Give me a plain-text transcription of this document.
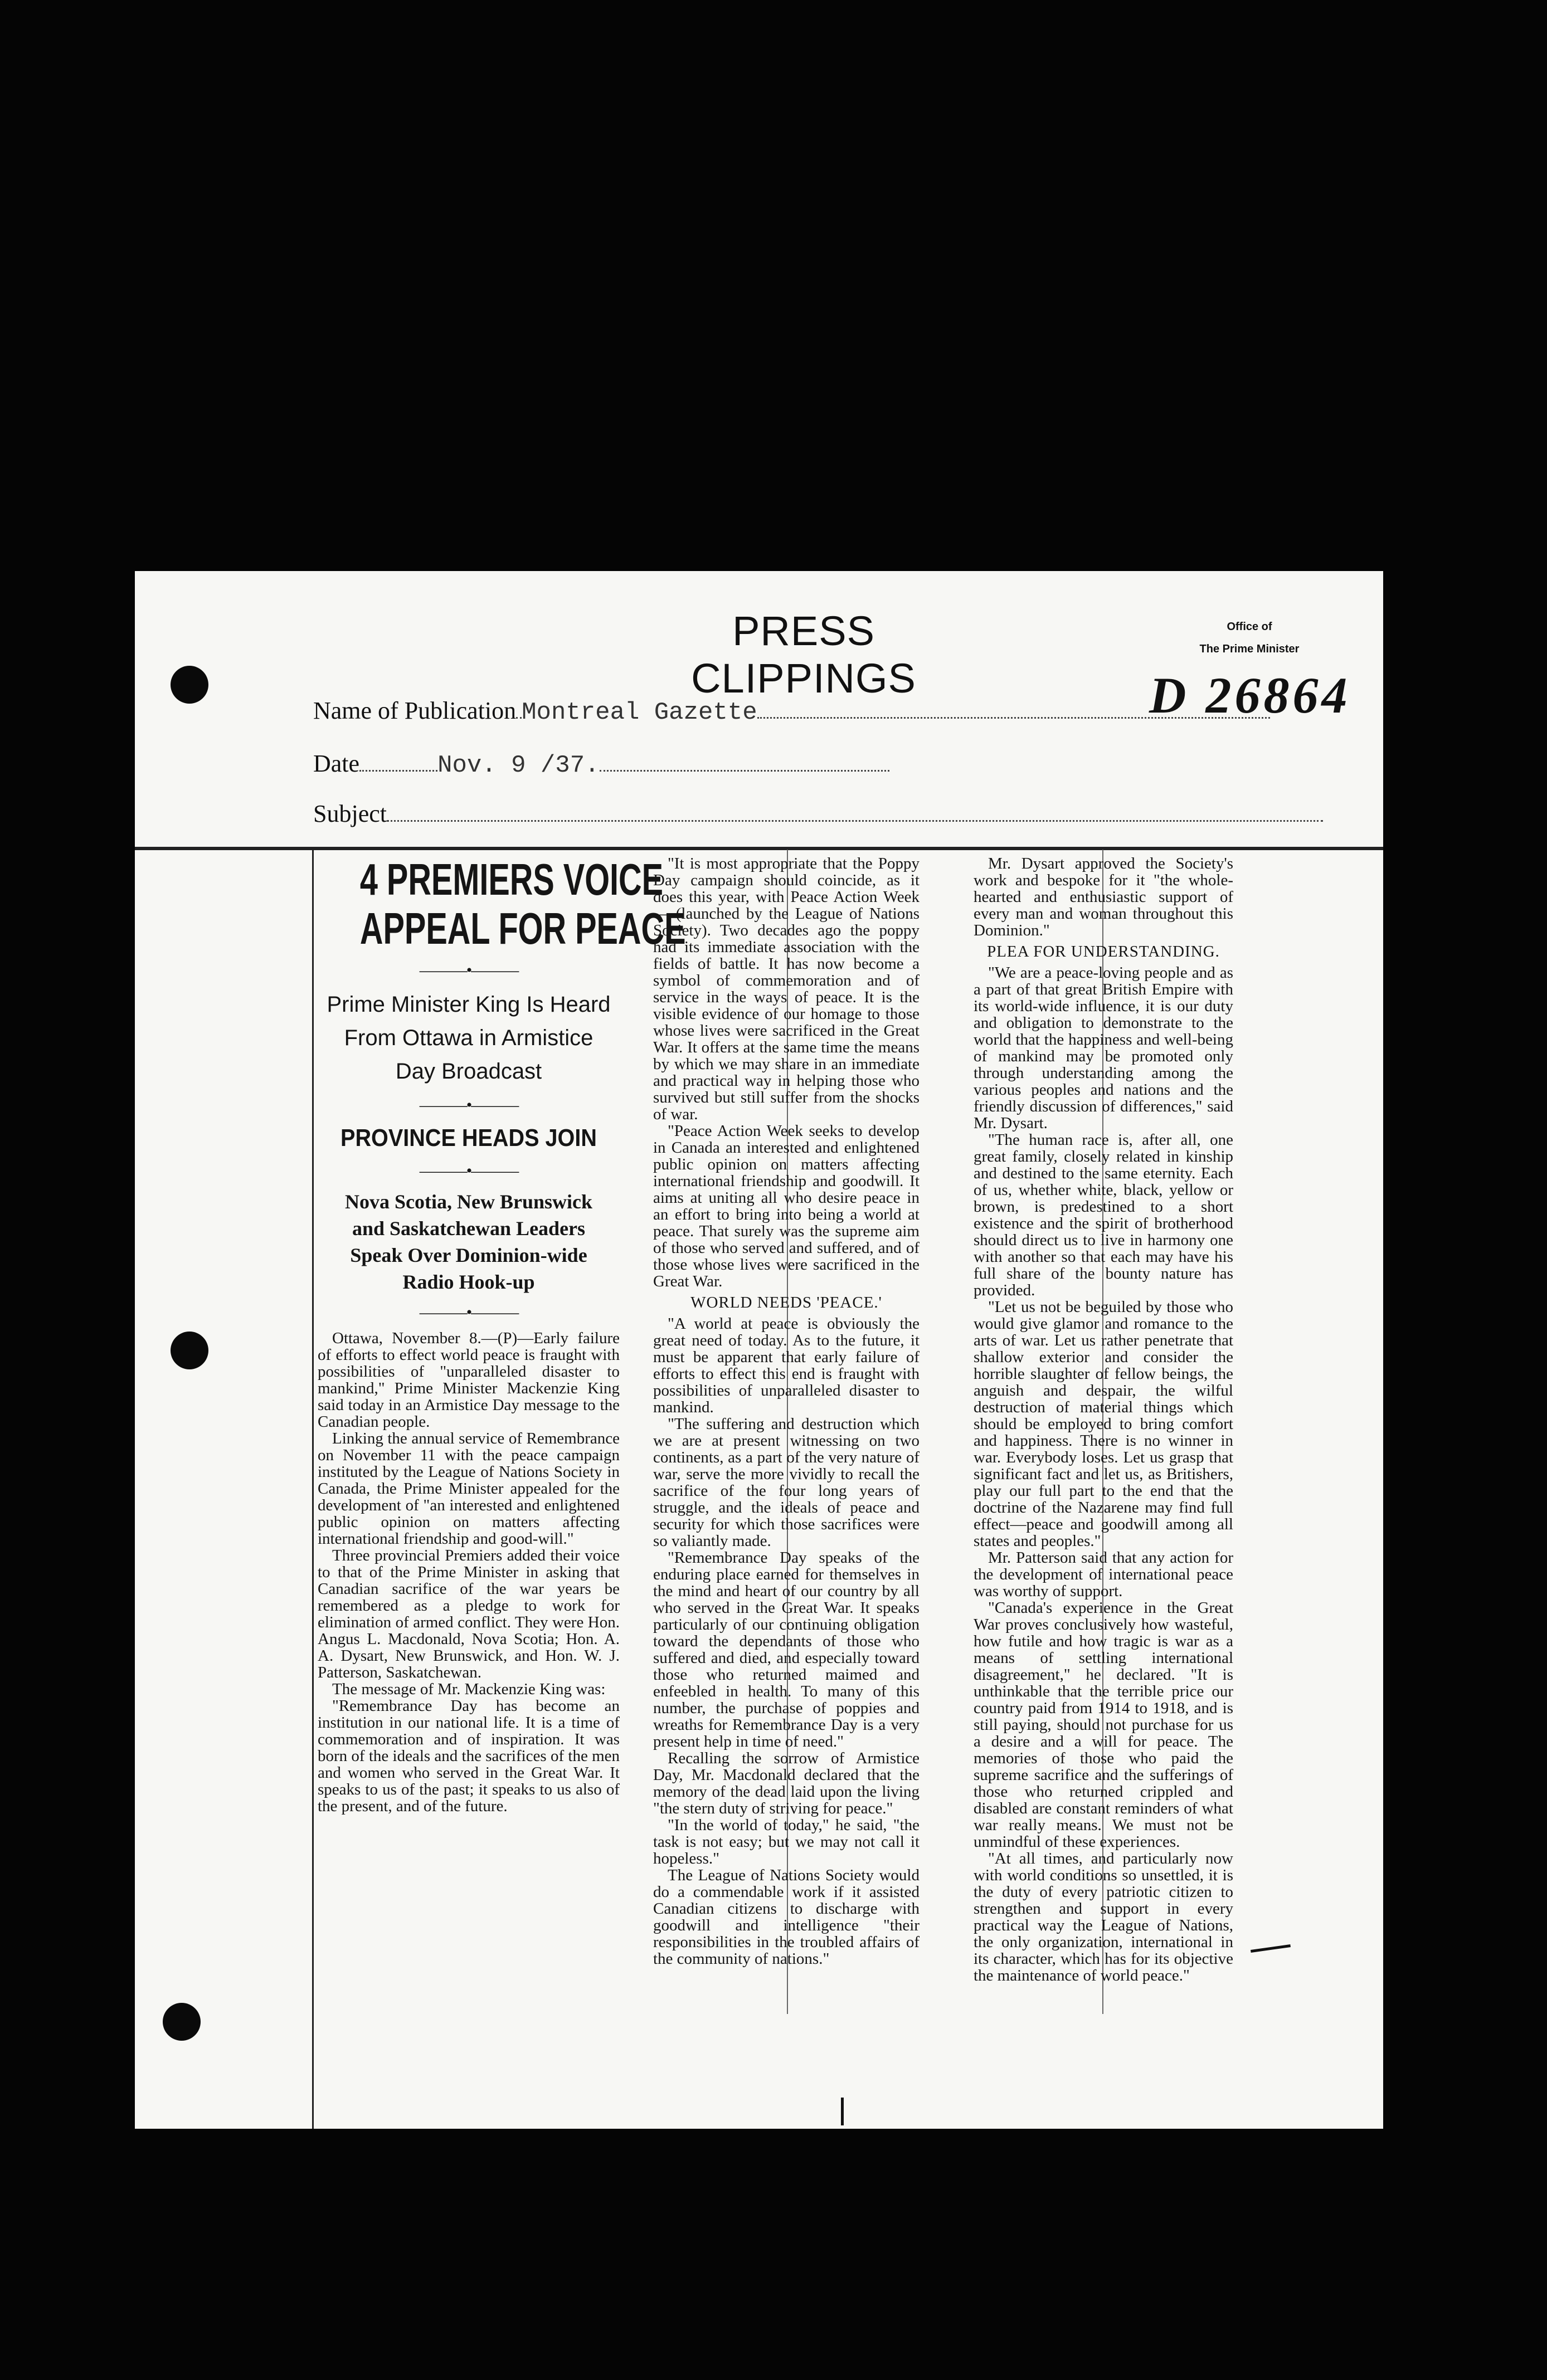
PRESS CLIPPINGS
Office of
The Prime Minister
D 26864
Name of Publication Montreal Gazette
Date	Nov. 9 /37.
Subject
4 PREMIERS VOICE
APPEAL FOR PEACE
———•———
Prime Minister King Is Heard From Ottawa in Armistice Day Broadcast
———•———
PROVINCE HEADS JOIN
———•———
Nova Scotia, New Brunswick and Saskatchewan Leaders Speak Over Dominion-wide Radio Hook-up
———•———

Ottawa, November 8.—(P)—Early failure of efforts to effect world peace is fraught with possibilities of "unparalleled disaster to mankind," Prime Minister Mackenzie King said today in an Armistice Day message to the Canadian people.

Linking the annual service of Remembrance on November 11 with the peace campaign instituted by the League of Nations Society in Canada, the Prime Minister appealed for the development of "an interested and enlightened public opinion on matters affecting international friendship and good-will."

Three provincial Premiers added their voice to that of the Prime Minister in asking that Canadian sacrifice of the war years be remembered as a pledge to work for elimination of armed conflict. They were Hon. Angus L. Macdonald, Nova Scotia; Hon. A. A. Dysart, New Brunswick, and Hon. W. J. Patterson, Saskatchewan.

The message of Mr. Mackenzie King was:

"Remembrance Day has become an institution in our national life. It is a time of commemoration and of inspiration. It was born of the ideals and the sacrifices of the men and women who served in the Great War. It speaks to us of the past; it speaks to us also of the present, and of the future.

"It is most appropriate that the Poppy Day campaign should coincide, as it does this year, with Peace Action Week — (launched by the League of Nations Society). Two decades ago the poppy had its immediate association with the fields of battle. It has now become a symbol of commemoration and of service in the ways of peace. It is the visible evidence of our homage to those whose lives were sacrificed in the Great War. It offers at the same time the means by which we may share in an immediate and practical way in helping those who survived but still suffer from the shocks of war.

"Peace Action Week seeks to develop in Canada an interested and enlightened public opinion on matters affecting international friendship and goodwill. It aims at uniting all who desire peace in an effort to bring into being a world at peace. That surely was the supreme aim of those who served and suffered, and of those whose lives were sacrificed in the Great War.

WORLD NEEDS 'PEACE.'

"A world at peace is obviously the great need of today. As to the future, it must be apparent that early failure of efforts to effect this end is fraught with possibilities of unparalleled disaster to mankind.

"The suffering and destruction which we are at present witnessing on two continents, as a part of the very nature of war, serve the more vividly to recall the sacrifice of the four long years of struggle, and the ideals of peace and security for which those sacrifices were so valiantly made.

"Remembrance Day speaks of the enduring place earned for themselves in the mind and heart of our country by all who served in the Great War. It speaks particularly of our continuing obligation toward the dependants of those who suffered and died, and especially toward those who returned maimed and enfeebled in health. To many of this number, the purchase of poppies and wreaths for Remembrance Day is a very present help in time of need."

Recalling the sorrow of Armistice Day, Mr. Macdonald declared that the memory of the dead laid upon the living "the stern duty of striving for peace."

"In the world of today," he said, "the task is not easy; but we may not call it hopeless."

The League of Nations Society would do a commendable work if it assisted Canadian citizens to discharge with goodwill and intelligence "their responsibilities in the troubled affairs of the community of nations."

Mr. Dysart approved the Society's work and bespoke for it "the whole-hearted and enthusiastic support of every man and woman throughout this Dominion."

PLEA FOR UNDERSTANDING.

"We are a peace-loving people and as a part of that great British Empire with its world-wide influence, it is our duty and obligation to demonstrate to the world that the happiness and well-being of mankind may be promoted only through understanding among the various peoples and nations and the friendly discussion of differences," said Mr. Dysart.

"The human race is, after all, one great family, closely related in kinship and destined to the same eternity. Each of us, whether white, black, yellow or brown, is predestined to a short existence and the spirit of brotherhood should direct us to live in harmony one with another so that each may have his full share of the bounty nature has provided.

"Let us not be beguiled by those who would give glamor and romance to the arts of war. Let us rather penetrate that shallow exterior and consider the horrible slaughter of fellow beings, the anguish and despair, the wilful destruction of material things which should be employed to bring comfort and happiness. There is no winner in war. Everybody loses. Let us grasp that significant fact and let us, as Britishers, play our full part to the end that the doctrine of the Nazarene may find full effect—peace and goodwill among all states and peoples."

Mr. Patterson said that any action for the development of international peace was worthy of support.

"Canada's experience in the Great War proves conclusively how wasteful, how futile and how tragic is war as a means of settling international disagreement," he declared. "It is unthinkable that the terrible price our country paid from 1914 to 1918, and is still paying, should not purchase for us a desire and a will for peace. The memories of those who paid the supreme sacrifice and the sufferings of those who returned crippled and disabled are constant reminders of what war really means. We must not be unmindful of these experiences.

"At all times, and particularly now with world conditions so unsettled, it is the duty of every patriotic citizen to strengthen and support in every practical way the League of Nations, the only organization, international in its character, which has for its objective the maintenance of world peace."
